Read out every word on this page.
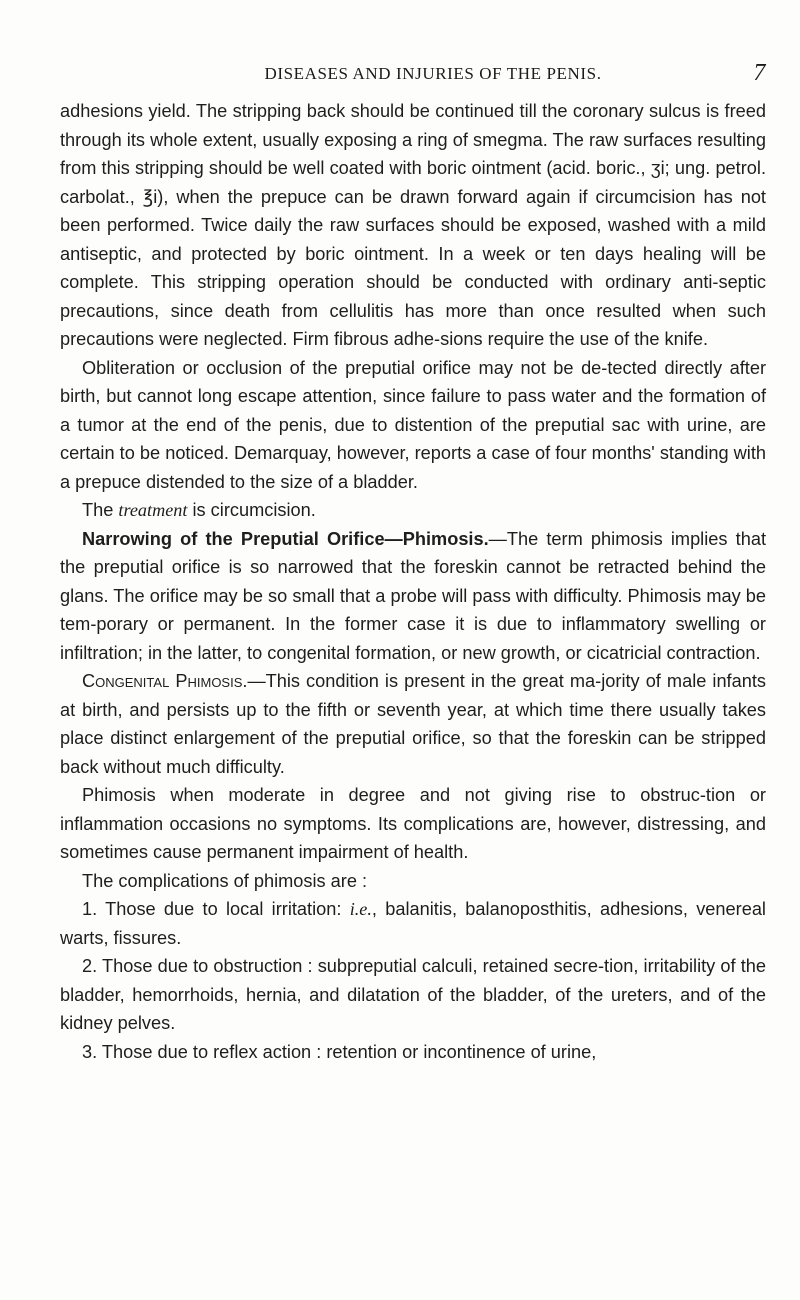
DISEASES AND INJURIES OF THE PENIS.	7

adhesions yield. The stripping back should be continued till the coronary sulcus is freed through its whole extent, usually exposing a ring of smegma. The raw surfaces resulting from this stripping should be well coated with boric ointment (acid. boric., ʒi; ung. petrol. carbolat., ℥i), when the prepuce can be drawn forward again if circumcision has not been performed. Twice daily the raw surfaces should be exposed, washed with a mild antiseptic, and protected by boric ointment. In a week or ten days healing will be complete. This stripping operation should be conducted with ordinary anti-septic precautions, since death from cellulitis has more than once resulted when such precautions were neglected. Firm fibrous adhe-sions require the use of the knife.

Obliteration or occlusion of the preputial orifice may not be de-tected directly after birth, but cannot long escape attention, since failure to pass water and the formation of a tumor at the end of the penis, due to distention of the preputial sac with urine, are certain to be noticed. Demarquay, however, reports a case of four months' standing with a prepuce distended to the size of a bladder.

The treatment is circumcision.

Narrowing of the Preputial Orifice—Phimosis.—The term phimosis implies that the preputial orifice is so narrowed that the foreskin cannot be retracted behind the glans. The orifice may be so small that a probe will pass with difficulty. Phimosis may be tem-porary or permanent. In the former case it is due to inflammatory swelling or infiltration; in the latter, to congenital formation, or new growth, or cicatricial contraction.

Congenital Phimosis.—This condition is present in the great ma-jority of male infants at birth, and persists up to the fifth or seventh year, at which time there usually takes place distinct enlargement of the preputial orifice, so that the foreskin can be stripped back without much difficulty.

Phimosis when moderate in degree and not giving rise to obstruc-tion or inflammation occasions no symptoms. Its complications are, however, distressing, and sometimes cause permanent impairment of health.

The complications of phimosis are :

1. Those due to local irritation: i.e., balanitis, balanoposthitis, adhesions, venereal warts, fissures.

2. Those due to obstruction : subpreputial calculi, retained secre-tion, irritability of the bladder, hemorrhoids, hernia, and dilatation of the bladder, of the ureters, and of the kidney pelves.

3. Those due to reflex action : retention or incontinence of urine,
